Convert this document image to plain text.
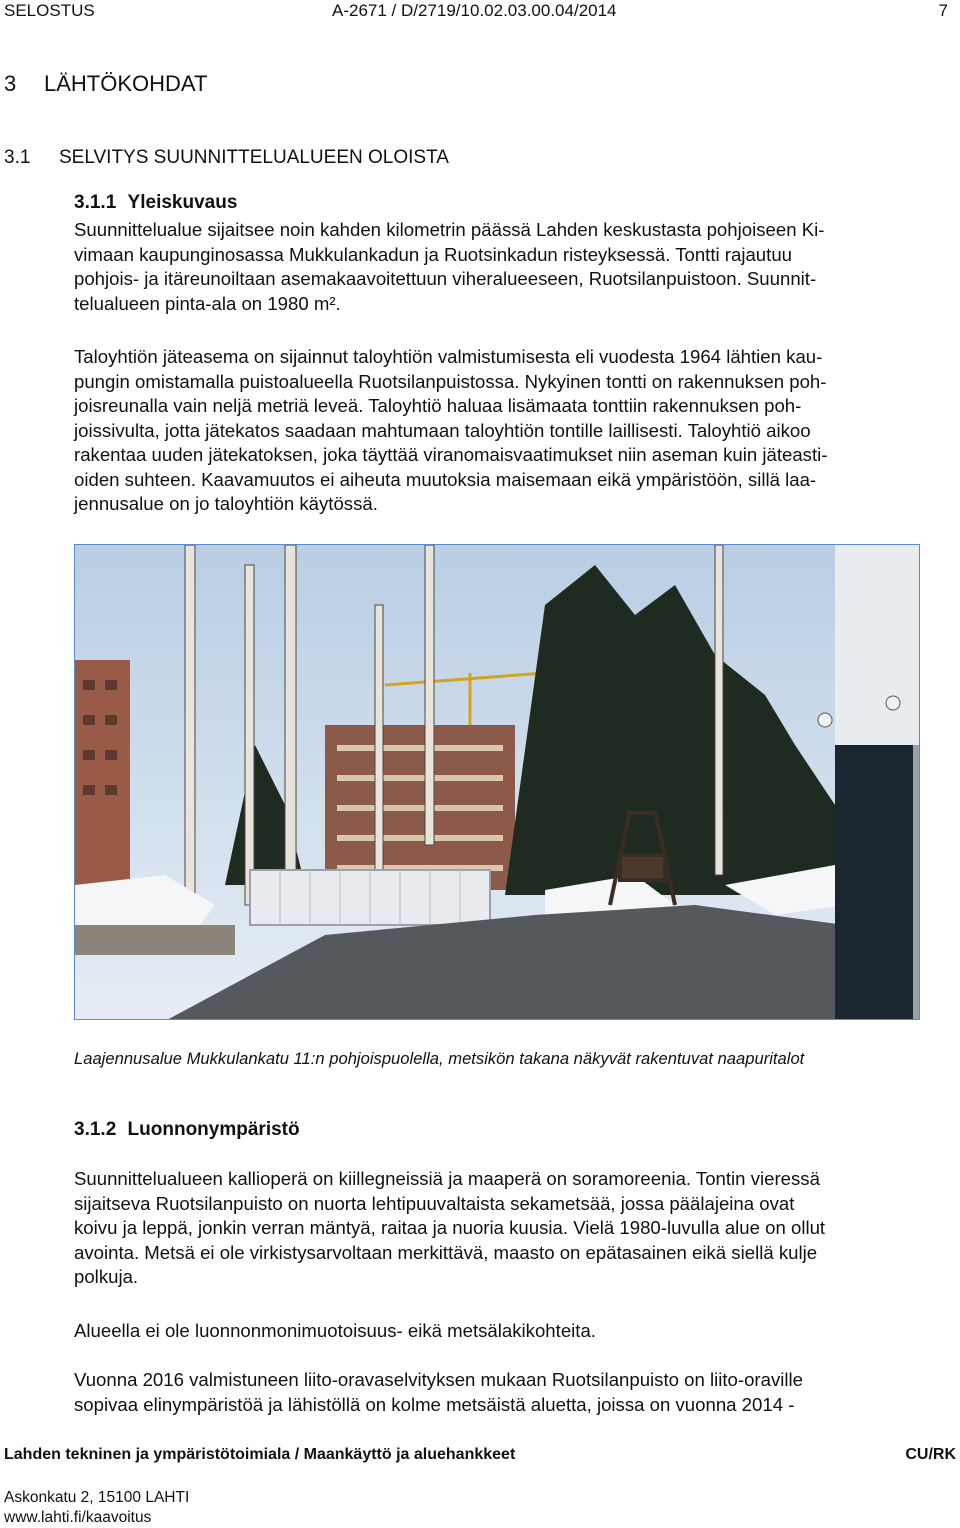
SELOSTUS	A-2671 / D/2719/10.02.03.00.04/2014	7
3 LÄHTÖKOHDAT
3.1 SELVITYS SUUNNITTELUALUEEN OLOISTA
3.1.1 Yleiskuvaus
Suunnittelualue sijaitsee noin kahden kilometrin päässä Lahden keskustasta pohjoiseen Ki-
vimaan kaupunginosassa Mukkulankadun ja Ruotsinkadun risteyksessä. Tontti rajautuu
pohjois- ja itäreunoiltaan asemakaavoitettuun viheralueeseen, Ruotsilanpuistoon. Suunnit-
telualueen pinta-ala on 1980 m².
Taloyhtiön jäteasema on sijainnut taloyhtiön valmistumisesta eli vuodesta 1964 lähtien kau-
pungin omistamalla puistoalueella Ruotsilanpuistossa. Nykyinen tontti on rakennuksen poh-
joisreunalla vain neljä metriä leveä. Taloyhtiö haluaa lisämaata tonttiin rakennuksen poh-
joissivulta, jotta jätekatos saadaan mahtumaan taloyhtiön tontille laillisesti. Taloyhtiö aikoo
rakentaa uuden jätekatoksen, joka täyttää viranomaisvaatimukset niin aseman kuin jäteasti-
oiden suhteen. Kaavamuutos ei aiheuta muutoksia maisemaan eikä ympäristöön, sillä laa-
jennusalue on jo taloyhtiön käytössä.
Laajennusalue Mukkulankatu 11:n pohjoispuolella, metsikön takana näkyvät rakentuvat naapuritalot
3.1.2 Luonnonympäristö
Suunnittelualueen kallioperä on kiillegneissiä ja maaperä on soramoreenia. Tontin vieressä
sijaitseva Ruotsilanpuisto on nuorta lehtipuuvaltaista sekametsää, jossa päälajeina ovat
koivu ja leppä, jonkin verran mäntyä, raitaa ja nuoria kuusia. Vielä 1980-luvulla alue on ollut
avointa. Metsä ei ole virkistysarvoltaan merkittävä, maasto on epätasainen eikä siellä kulje
polkuja.
Alueella ei ole luonnonmonimuotoisuus- eikä metsälakikohteita.
Vuonna 2016 valmistuneen liito-oravaselvityksen mukaan Ruotsilanpuisto on liito-oraville
sopivaa elinympäristöä ja lähistöllä on kolme metsäistä aluetta, joissa on vuonna 2014 -
Lahden tekninen ja ympäristötoimiala / Maankäyttö ja aluehankkeet	CU/RK
Askonkatu 2, 15100 LAHTI
www.lahti.fi/kaavoitus
